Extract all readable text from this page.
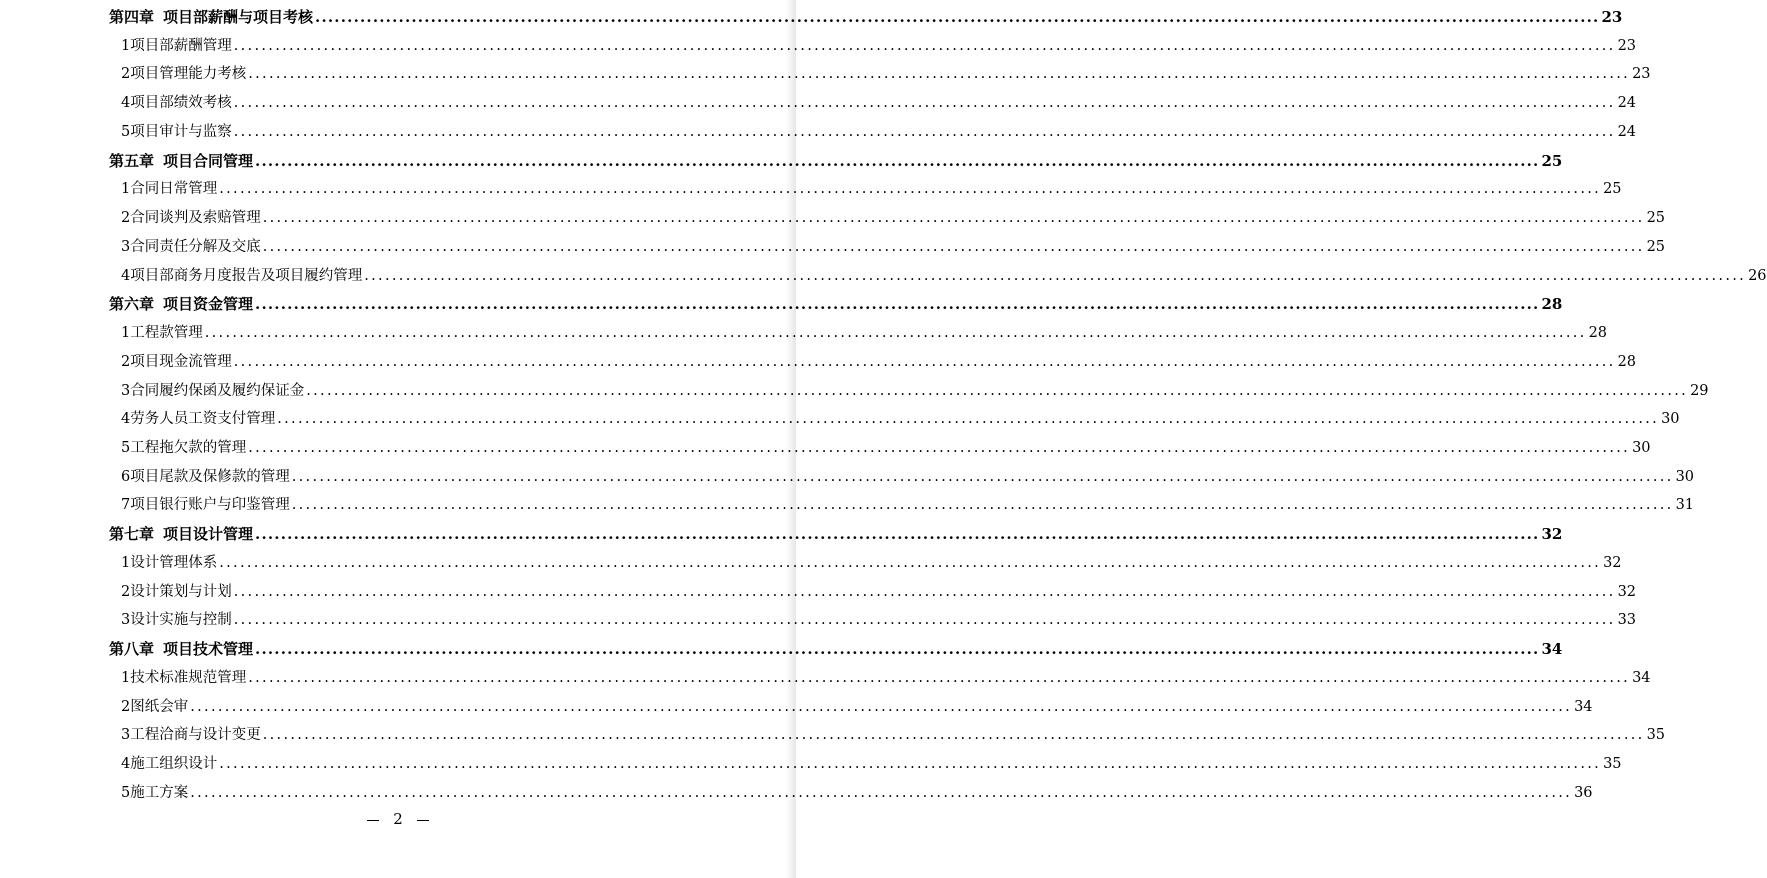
第四章 项目部薪酬与项目考核 ........................................................................................................................................................................................................ 23
1 项目部薪酬管理 ........................................................................................................................................................................................................ 23
2 项目管理能力考核 ........................................................................................................................................................................................................ 23
4 项目部绩效考核 ........................................................................................................................................................................................................ 24
5 项目审计与监察 ........................................................................................................................................................................................................ 24
第五章 项目合同管理 ........................................................................................................................................................................................................ 25
1 合同日常管理 ........................................................................................................................................................................................................ 25
2 合同谈判及索赔管理 ........................................................................................................................................................................................................ 25
3 合同责任分解及交底 ........................................................................................................................................................................................................ 25
4 项目部商务月度报告及项目履约管理 ........................................................................................................................................................................................................ 26
第六章 项目资金管理 ........................................................................................................................................................................................................ 28
1 工程款管理 ........................................................................................................................................................................................................ 28
2 项目现金流管理 ........................................................................................................................................................................................................ 28
3 合同履约保函及履约保证金 ........................................................................................................................................................................................................ 29
4 劳务人员工资支付管理 ........................................................................................................................................................................................................ 30
5 工程拖欠款的管理 ........................................................................................................................................................................................................ 30
6 项目尾款及保修款的管理 ........................................................................................................................................................................................................ 30
7 项目银行账户与印鉴管理 ........................................................................................................................................................................................................ 31
第七章 项目设计管理 ........................................................................................................................................................................................................ 32
1 设计管理体系 ........................................................................................................................................................................................................ 32
2 设计策划与计划 ........................................................................................................................................................................................................ 32
3 设计实施与控制 ........................................................................................................................................................................................................ 33
第八章 项目技术管理 ........................................................................................................................................................................................................ 34
1 技术标准规范管理 ........................................................................................................................................................................................................ 34
2 图纸会审 ........................................................................................................................................................................................................ 34
3 工程洽商与设计变更 ........................................................................................................................................................................................................ 35
4 施工组织设计 ........................................................................................................................................................................................................ 35
5 施工方案 ........................................................................................................................................................................................................ 36
2
